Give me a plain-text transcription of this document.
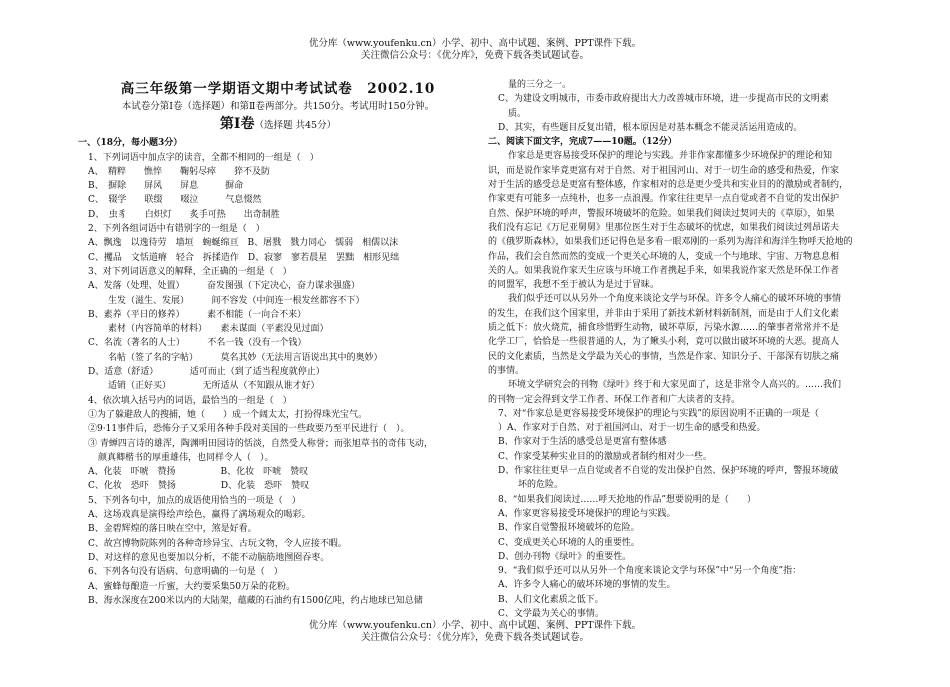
优分库（www.youfenku.cn）小学、初中、高中试题、案例、PPT课件下载。
关注微信公众号：《优分库》，免费下载各类试题试卷。
高三年级第一学期语文期中考试试卷　2002.10
本试卷分第Ⅰ卷（选择题）和第Ⅱ卷两部分。共150分。考试用时150分钟。
第Ⅰ卷（选择题 共45分）
一、（18分，每小题3分）
1、下列词语中加点字的读音，全都不相同的一组是（　）
A、　精粹　　憔悴　　鞠躬尽瘁　　猝不及防
B、　摒除　　屏风　　屏息　　　摒命
C、　辍学　　联缀　　啜泣　　　气息惙然
D、　虫豸　　白炽灯　　炙手可热　　出奇制胜
2、下列各组词语中有错别字的一组是（　）
A、飘逸　以逸待劳　墙垣　蜿蜒绵亘　B、屠戮　戮力同心　懦弱　相儒以沫
C、攫品　文恬道瘠　轻合　拆揉造作　D、寂寥　寥若晨星　罢黜　相形见绌
3、对下列词语意义的解释，全正确的一组是（　）
A、发落（处理、处置）　　　奋发图强（下定决心，奋力谋求强盛）
生发（滋生、发展）　　　间不容发（中间连一根发丝都容不下）
B、素养（平日的修养）　　　素不相能（一向合不来）
素材（内容简单的材料）　　素未谋面（平素没见过面）
C、名流（著名的人士）　　　不名一钱（没有一个钱）
名帖（签了名的字帖）　　　莫名其妙（无法用言语说出其中的奥妙）
D、适意（舒适）　　　　适可而止（到了适当程度就停止）
适销（正好买）　　　　无所适从（不知跟从谁才好）
4、依次填入括号内的词语，最恰当的一组是（　）
①为了躲避敌人的搜捕，她（　　）成一个阔太太，打扮得珠光宝气。
②9·11事件后，恐怖分子又采用各种手段对美国的一些政要乃至平民进行（　）。
③ 青蝉四言诗的雄浑，陶渊明田园诗的恬淡，自然受人称誉；而张旭草书的奇伟飞动，
颜真卿楷书的厚重雄伟，也同样令人（　）。
A、化装　吓唬　赞扬　　　　　B、化妆　吓唬　赞叹
C、化妆　恐吓　赞扬　　　　　D、化装　恐吓　赞叹
5、下列各句中，加点的成语使用恰当的一项是（　）
A、这场戏真是演得绘声绘色，赢得了满场观众的喝彩。
B、金碧辉煌的落日映在空中，煞是好看。
C、故宫博物院陈列的各种奇珍异宝、古玩文物，令人应接不暇。
D、对这样的意见也要加以分析，不能不动脑筋地囫囵吞枣。
6、下列各句没有语病、句意明确的一句是（　）
A、蜜蜂每酿造一斤蜜，大约要采集50万朵的花粉。
B、海水深度在200米以内的大陆架，蕴藏的石油约有1500亿吨，约占地球已知总储
量的三分之一。
C、为建设文明城市，市委市政府提出大力改善城市环境，进一步提高市民的文明素
质。
D、其实，有些题目反复出错，根本原因是对基本概念不能灵活运用造成的。
二、阅读下面文字，完成7——10题。（12分）
作家总是更容易接受环保护的理论与实践。并非作家都懂多少环境保护的理论和知
识，而是说作家毕竟更富有对于自然、对于祖国河山、对于一切生命的感受和热爱，作家
对于生活的感受总是更富有整体感，作家相对的总是更少受共和实业目的的激励或者制约，
作家更有可能多一点纯朴，也多一点浪漫。作家往往更早一点自觉或者不自觉的发出保护
自然、保护环境的呼声，警报环境破坏的危险。如果我们阅读过契诃夫的《草原》，如果
我们没有忘记《万尼亚舅舅》里那位医生对于生态破坏的忧虑，如果我们阅读过列昂诺夫
的《俄罗斯森林》，如果我们还记得色是多看一眼邓刚的一系列为海洋和海洋生物呼天抢地的
作品，我们会自然而然的变成一个更关心环境的人，变成一个与地球、宇宙、万物息息相
关的人。如果我说作家天生应该与环境工作者携起手来，如果我说作家天然是环保工作者
的同盟军，我想不至于被认为是过于冒昧。
我们似乎还可以从另外一个角度来谈论文学与环保。许多令人痛心的破坏环境的事情
的发生，在我们这个国家里，并非由于采用了新技术新材料新制剂，而是由于人们文化素
质之低下：放火烧荒，捕食珍惜野生动物，破坏草原，污染水源……的肇事者常常并不是
化学工厂，恰恰是一些很普通的人，为了鳅头小利，竟可以做出破坏环境的大恶。提高人
民的文化素质，当然是文学最为关心的事情，当然是作家、知识分子、干部深有切肤之痛
的事情。
环境文学研究会的刊物《绿叶》终于和大家见面了，这是非常令人高兴的。……我们
的刊物一定会得到文学工作者、环保工作者和广大读者的支持。
7、对“作家总是更容易接受环境保护的理论与实践”的原因说明不正确的一项是（
）A、作家对于自然、对于祖国河山、对于一切生命的感受和热爱。
B、作家对于生活的感受总是更富有整体感
C、作家受某种实业目的的激励或者制约相对少一些。
D、作家往往更早一点自觉或者不自觉的发出保护自然、保护环境的呼声，警报环境破
坏的危险。
8、“如果我们阅读过……呼天抢地的作品”想要说明的是（　　）
A、作家更容易接受环境保护的理论与实践。
B、作家自觉警报环境破坏的危险。
C、变成更关心环境的人的重要性。
D、创办刊物《绿叶》的重要性。
9、“我们似乎还可以从另外一个角度来谈论文学与环保”中“另一个角度”指：
A、许多令人痛心的破坏环境的事情的发生。
B、人们文化素质之低下。
C、文学最为关心的事情。
优分库（www.youfenku.cn）小学、初中、高中试题、案例、PPT课件下载。
关注微信公众号：《优分库》，免费下载各类试题试卷。
